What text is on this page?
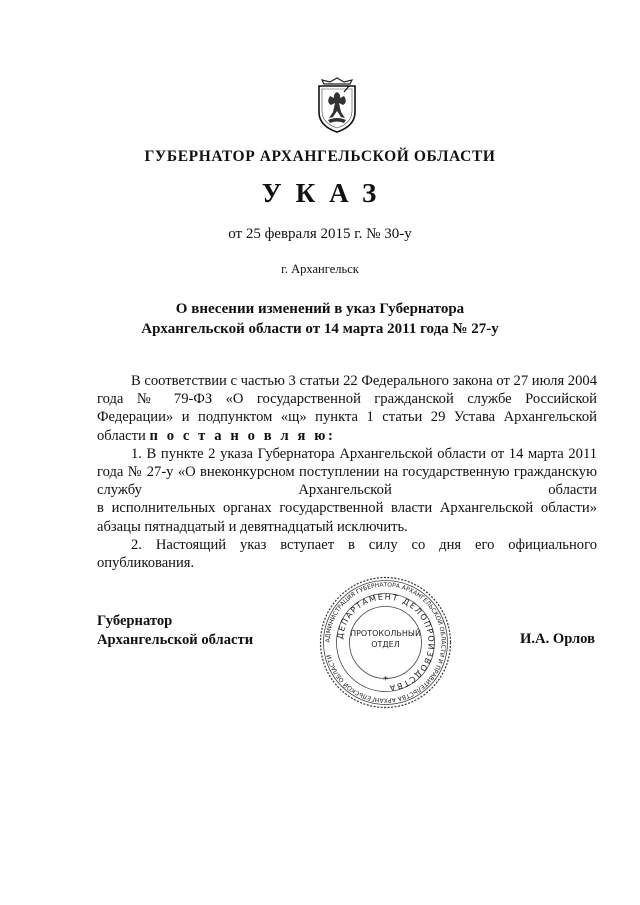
ГУБЕРНАТОР АРХАНГЕЛЬСКОЙ ОБЛАСТИ
УКАЗ
от 25 февраля 2015 г. № 30-у
г. Архангельск
О внесении изменений в указ Губернатора
Архангельской области от 14 марта 2011 года № 27-у

В соответствии с частью 3 статьи 22 Федерального закона от 27 июля 2004 года № 79-ФЗ «О государственной гражданской службе Российской Федерации» и подпунктом «щ» пункта 1 статьи 29 Устава Архангельской области п о с т а н о в л я ю:

1. В пункте 2 указа Губернатора Архангельской области от 14 марта 2011 года № 27-у «О внеконкурсном поступлении на государственную гражданскую службу Архангельской области

в исполнительных органах государственной власти Архангельской области»
абзацы пятнадцатый и девятнадцатый исключить.

2. Настоящий указ вступает в силу со дня его официального опубликования.

Губернатор
Архангельской области	И.А. Орлов
АДМИНИСТРАЦИЯ ГУБЕРНАТОРА АРХАНГЕЛЬСКОЙ ОБЛАСТИ И ПРАВИТЕЛЬСТВА АРХАНГЕЛЬСКОЙ ОБЛАСТИ
ДЕПАРТАМЕНТ ДЕЛОПРОИЗВОДСТВА
ПРОТОКОЛЬНЫЙ
ОТДЕЛ
*
